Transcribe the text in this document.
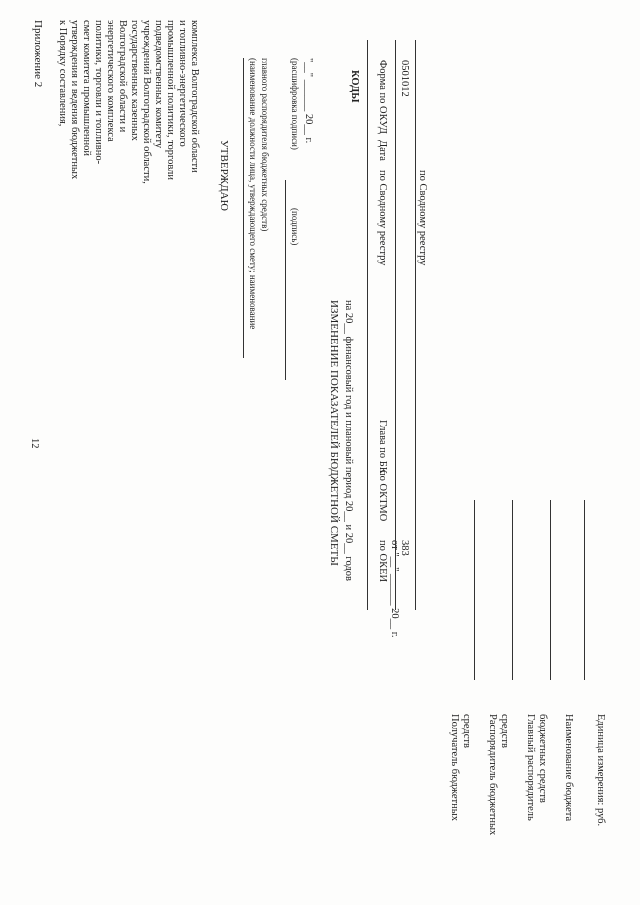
12
Приложение 2 к Порядку составления, утверждения и ведения бюджетных смет комитета промышленной политики, торговли и топливно- энергетического комплекса Волгоградской области и государственных казенных учреждений Волгоградской области, подведомственных комитету промышленной политики, торговли и топливно-энергетического комплекса Волгоградской области
УТВЕРЖДАЮ (наименование должности лица, утверждающего смету; наименование главного распорядителя бюджетных средств) (подпись)
(расшифровка подписи) "__" ______ 20__ г.
ИЗМЕНЕНИЕ ПОКАЗАТЕЛЕЙ БЮДЖЕТНОЙ СМЕТЫ на 20__ финансовый год и плановый период 20__ и 20__ годов
от "__" ______ 20__ г.
КОДЫ Форма по ОКУД 0501012
Дата
по Сводному реестру	по Сводному реестру
Глава по БК
по ОКТМО
по ОКЕИ 383
Получатель бюджетных средств Распорядитель бюджетных средств Главный распорядитель бюджетных средств Наименование бюджета Единица измерения: руб.
